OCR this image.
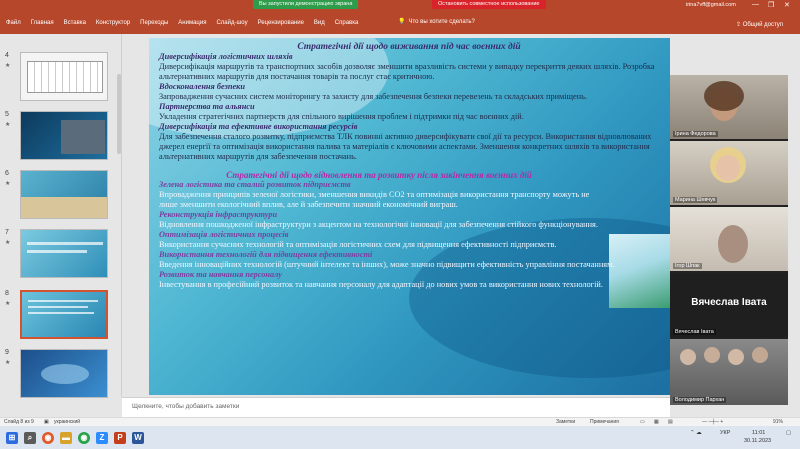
Вы запустили демонстрацию экрана	Остановить совместное использование	irina7vff@gmail.com — ❐ ✕
Файл Главная Вставка Конструктор Переходы Анимация Слайд-шоу Рецензирование Вид Справка	💡 Что вы хотите сделать?
⇪ Общий доступ
4
★
5
★
6
★
7
★
8
★
9
★
Стратегічні дії щодо виживання під час воєнних дій
Диверсифікація логістичних шляхів
Диверсифікація маршрутів та транспортних засобів дозволяє зменшити вразливість системи у випадку перекриття деяких шляхів. Розробка альтернативних маршрутів для постачання товарів та послуг стає критичною.
Вдосконалення безпеки
Запровадження сучасних систем моніторингу та захисту для забезпечення безпеки перевезень та складських приміщень.
Партнерства та альянси
Укладення стратегічних партнерств для спільного вирішення проблем і підтримки під час воєнних дій.
Диверсифікація та ефективне використання ресурсів
Для забезпечення сталого розвитку, підприємства ТЛК повинні активно диверсифікувати свої дії та ресурси. Використання відновлюваних джерел енергії та оптимізація використання палива та матеріалів є ключовими аспектами. Зменшення конкретних шляхів та використання альтернативних маршрутів для забезпечення постачань.
Стратегічні дії щодо відновлення та розвитку після закінчення воєнних дій
Зелена логістика та сталий розвиток підприємств
Впровадження принципів зеленої логістики, зменшення викидів СО2 та оптимізація використання транспорту можуть не лише зменшити екологічний вплив, але й забезпечити значний економічний виграш.
Реконструкція інфраструктури
Відновлення пошкодженої інфраструктури з акцентом на технологічні інновації для забезпечення стійкого функціонування.
Оптимізація логістичних процесів
Використання сучасних технологій та оптимізація логістичних схем для підвищення ефективності підприємств.
Використання технологій для підвищення ефективності
Введення інноваційних технологій (штучний інтелект та інших), може значно підвищити ефективність управління постачанням.
Розвиток та навчання персоналу
Інвестування в професійний розвиток та навчання персоналу для адаптації до нових умов та використання нових технологій.
Щелкните, чтобы добавить заметки
Слайд 8 из 9 ▣ украинский	Заметки	Примечания	▭ ▦ ▤	— ─┼─ +	91%
Ірина Федорова
Марина Шевчук
Ігор Шпак
Вячеслав Івата
Вячеслав Івата
Володимир Пархан
⊞	⌕	◉	▬	◉	Z	P	W	⌃ ☁	УКР	11:01
30.11.2023
▢
